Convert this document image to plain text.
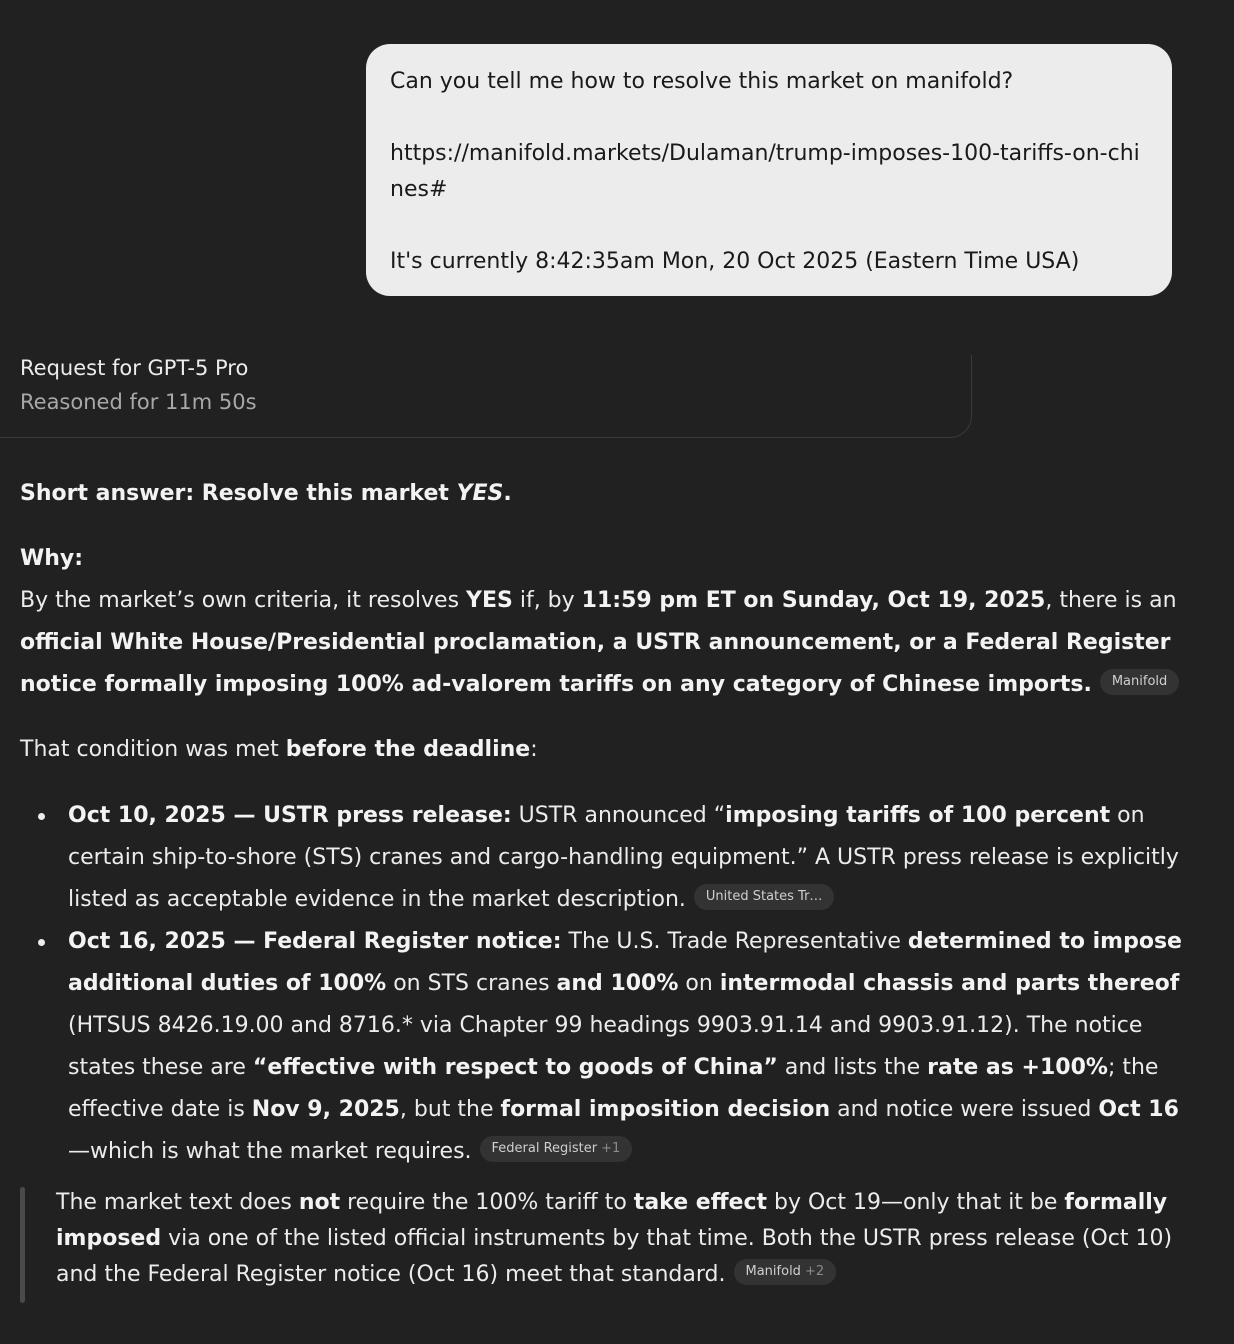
Can you tell me how to resolve this market on manifold?

https://manifold.markets/Dulaman/trump-imposes-100-tariffs-on-chines#

It's currently 8:42:35am Mon, 20 Oct 2025 (Eastern Time USA)

Request for GPT-5 Pro
Reasoned for 11m 50s

Short answer: Resolve this market YES.

Why:
By the market’s own criteria, it resolves YES if, by 11:59 pm ET on Sunday, Oct 19, 2025, there is an official White House/Presidential proclamation, a USTR announcement, or a Federal Register notice formally imposing 100% ad-valorem tariffs on any category of Chinese imports. Manifold

That condition was met before the deadline:

Oct 10, 2025 — USTR press release: USTR announced “imposing tariffs of 100 percent on certain ship-to-shore (STS) cranes and cargo-handling equipment.” A USTR press release is explicitly listed as acceptable evidence in the market description. United States Tr…
Oct 16, 2025 — Federal Register notice: The U.S. Trade Representative determined to impose additional duties of 100% on STS cranes and 100% on intermodal chassis and parts thereof (HTSUS 8426.19.00 and 8716.* via Chapter 99 headings 9903.91.14 and 9903.91.12). The notice states these are “effective with respect to goods of China” and lists the rate as +100%; the effective date is Nov 9, 2025, but the formal imposition decision and notice were issued Oct 16—which is what the market requires. Federal Register +1

The market text does not require the 100% tariff to take effect by Oct 19—only that it be formally imposed via one of the listed official instruments by that time. Both the USTR press release (Oct 10) and the Federal Register notice (Oct 16) meet that standard. Manifold +2
